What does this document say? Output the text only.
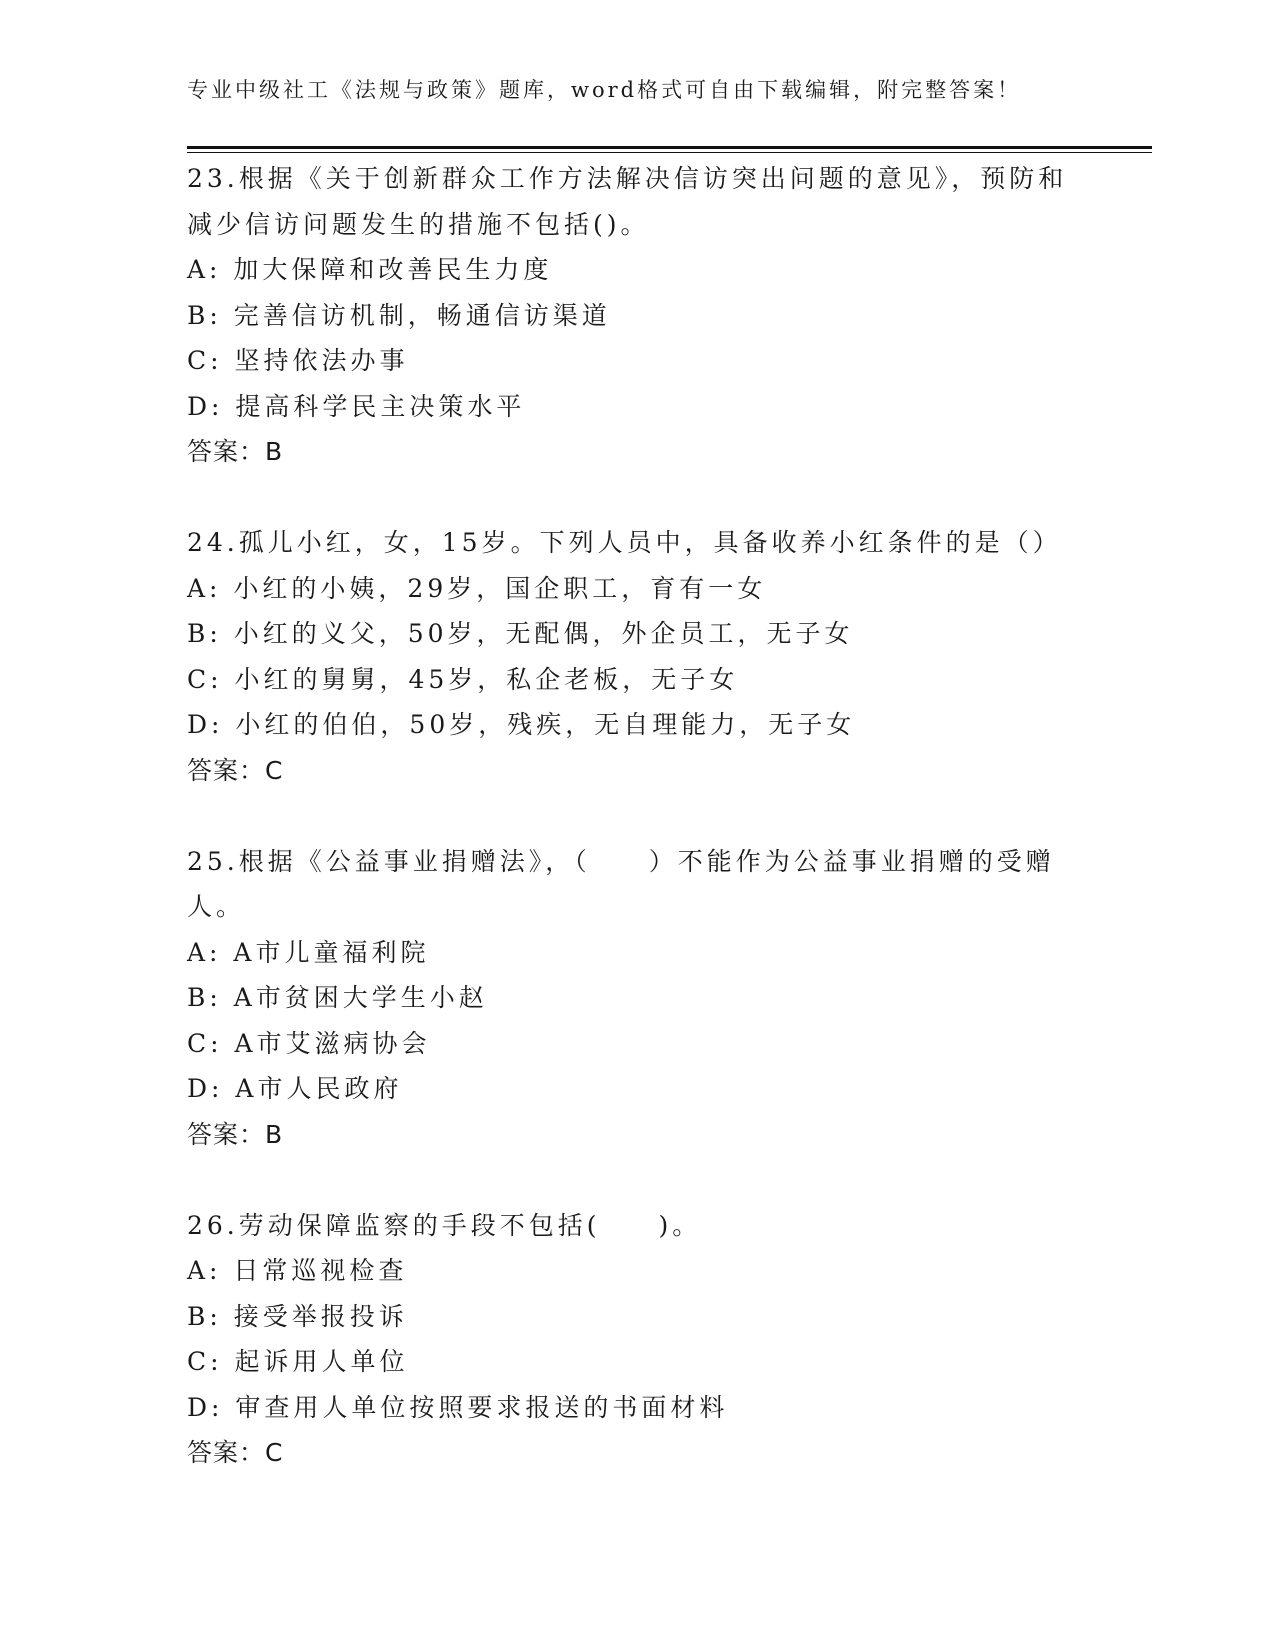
专业中级社工《法规与政策》题库，word格式可自由下载编辑，附完整答案！

23.根据《关于创新群众工作方法解决信访突出问题的意见》，预防和

减少信访问题发生的措施不包括()。

A: 加大保障和改善民生力度

B: 完善信访机制，畅通信访渠道

C: 坚持依法办事

D: 提高科学民主决策水平

答案：B

24.孤儿小红，女，15岁。下列人员中，具备收养小红条件的是（）

A: 小红的小姨，29岁，国企职工，育有一女

B: 小红的义父，50岁，无配偶，外企员工，无子女

C: 小红的舅舅，45岁，私企老板，无子女

D: 小红的伯伯，50岁，残疾，无自理能力，无子女

答案：C

25.根据《公益事业捐赠法》，（　　）不能作为公益事业捐赠的受赠

人。

A: A市儿童福利院

B: A市贫困大学生小赵

C: A市艾滋病协会

D: A市人民政府

答案：B

26.劳动保障监察的手段不包括(　　)。

A: 日常巡视检查

B: 接受举报投诉

C: 起诉用人单位

D: 审查用人单位按照要求报送的书面材料

答案：C
